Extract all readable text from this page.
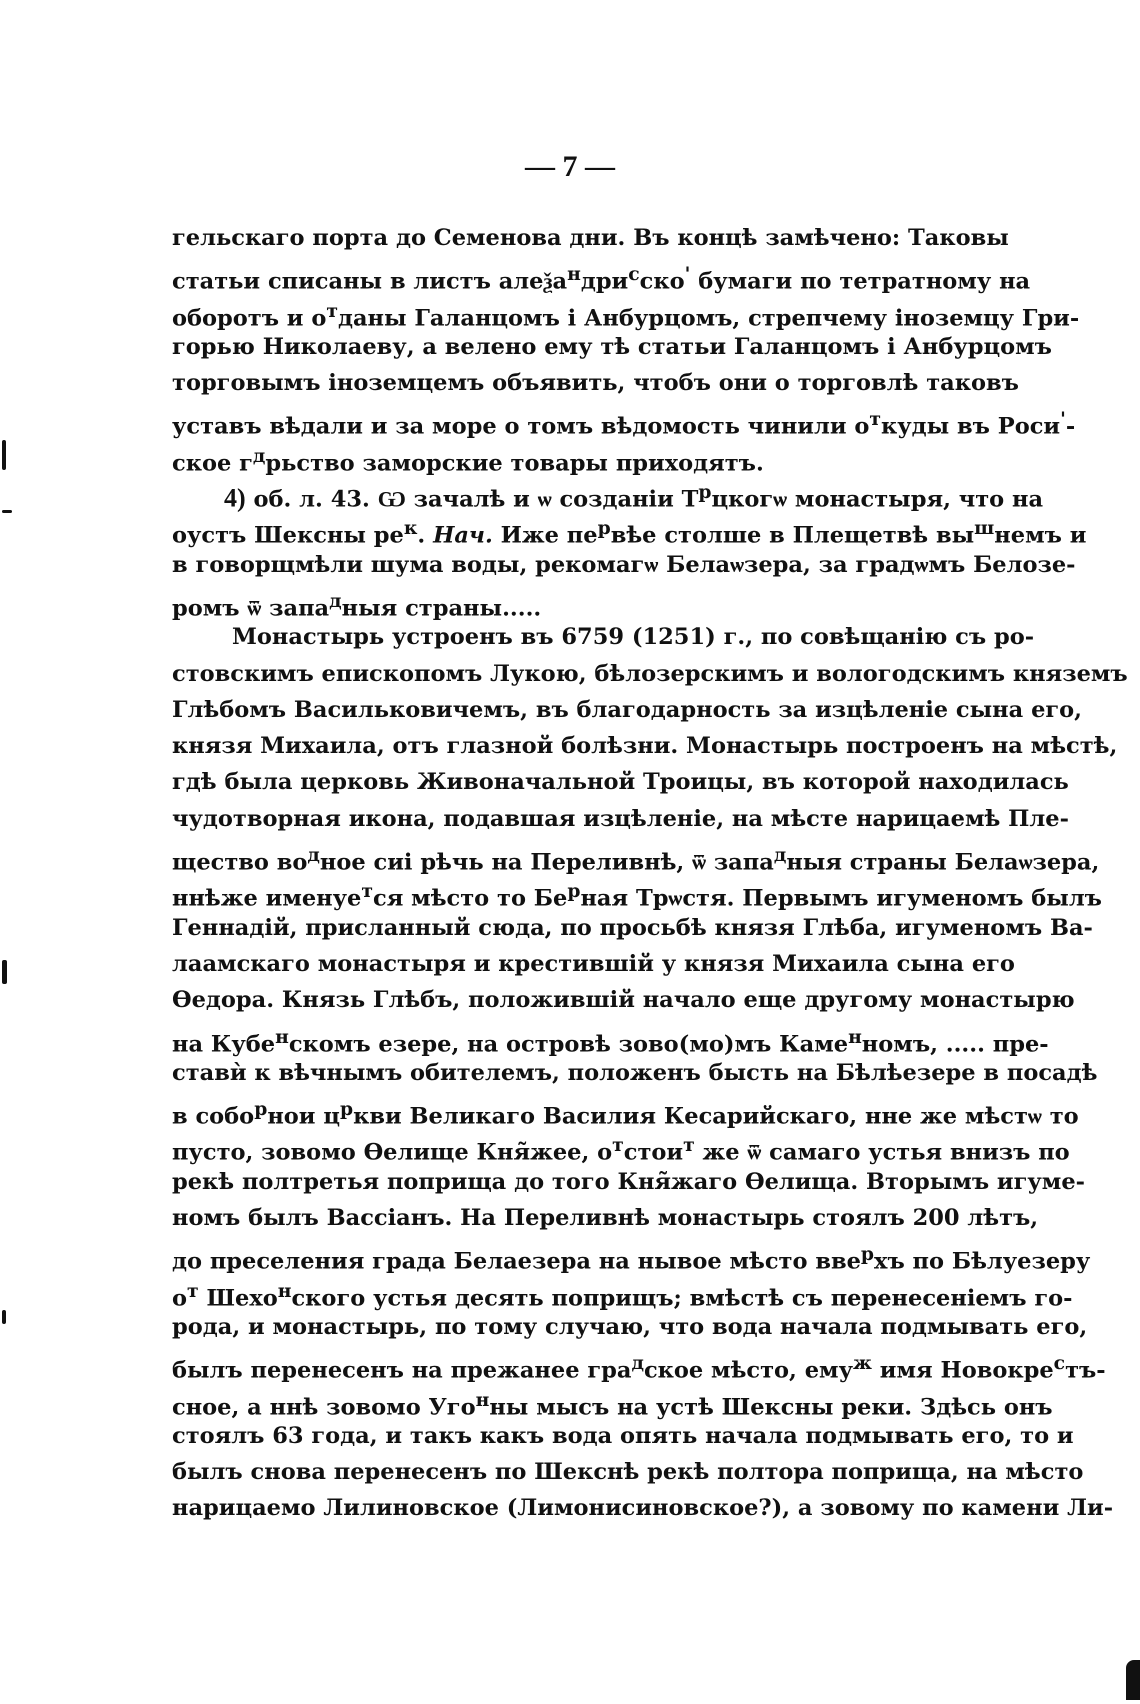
— 7 —
гельскаго порта до Семенова дни. Въ концѣ замѣчено: Таковы
статьи списаны в листъ алеѯа$^н$дри$^с$ско' бумаги по тетратному на
оборотъ и $о^тданы$ Галанцомъ і Анбурцомъ, стрепчему іноземцу Гри-
горью Николаеву, а велено ему тѣ статьи Галанцомъ і Анбурцомъ
торговымъ іноземцемъ объявить, чтобъ они о торговлѣ таковъ
уставъ вѣдали и за море о томъ вѣдомость чинили $о^ткуды$ въ Роси'-
ское $г^дрьство$ заморские товары приходятъ.
4) об. л. 43. Ѡ зачалѣ и ѡ созданіи $Т^рцкогѡ$ монастыря, что на
оустъ Шексны $ре^к$. Нач. Иже $пе^рвѣе$ столше в Плещетвѣ $вы^шнемъ$ и
в говорщмѣли шума воды, рекомагѡ Белаѡзера, за градѡмъ Белозе-
ромъ ѿ запа$^д$ныя страны.....
Монастырь устроенъ въ 6759 (1251) г., по совѣщанію съ ро-
стовскимъ епископомъ Лукою, бѣлозерскимъ и вологодскимъ княземъ
Глѣбомъ Васильковичемъ, въ благодарность за изцѣленіе сына его,
князя Михаила, отъ глазной болѣзни. Монастырь построенъ на мѣстѣ,
гдѣ была церковь Живоначальной Троицы, въ которой находилась
чудотворная икона, подавшая изцѣленіе, на мѣсте нарицаемѣ Пле-
щество $во^дное$ сиі рѣчь на Переливнѣ, ѿ запа$^д$ныя страны Белаѡзера,
ннѣже именуе$^т$ся мѣсто то $Бе^рная$ Трѡстя. Первымъ игуменомъ былъ
Геннадій, присланный сюда, по просьбѣ князя Глѣба, игуменомъ Ва-
лаамскаго монастыря и крестившій у князя Михаила сына его
Өедора. Князь Глѣбъ, положившій начало еще другому монастырю
на Кубе$^н$скомъ езере, на островѣ зово(мо)мъ Каме$^н$номъ, ..... пре-
ставѝ к вѣчнымъ обителемъ, положенъ бысть на Бѣлѣезере в посадѣ
в собо$^р$нои $ц^ркви$ Великаго Василия Кесарийскаго, нне же мѣстѡ то
пусто, зовомо Өелище Кня̃жее, $о^тстои^т$ же ѿ самаго устья внизъ по
рекѣ полтретья поприща до того Кня̃жаго Өелища. Вторымъ игуме-
номъ былъ Вассіанъ. На Переливнѣ монастырь стоялъ 200 лѣтъ,
до преселения града Белаезера на нывое мѣсто вве$^р$хъ по Бѣлуезеру
$о^т$ Шехо$^н$ского устья десять поприщъ; вмѣстѣ съ перенесеніемъ го-
рода, и монастырь, по тому случаю, что вода начала подмывать его,
былъ перенесенъ на прежанее гра$^д$ское мѣсто, ему$^ж$ имя Новокре$^с$тъ-
сное, а ннѣ зовомо Уго$^н$ны мысъ на устѣ Шексны реки. Здѣсь онъ
стоялъ 63 года, и такъ какъ вода опять начала подмывать его, то и
былъ снова перенесенъ по Шекснѣ рекѣ полтора поприща, на мѣсто
нарицаемо Лилиновское (Лимонисиновское?), а зовому по камени Ли-
